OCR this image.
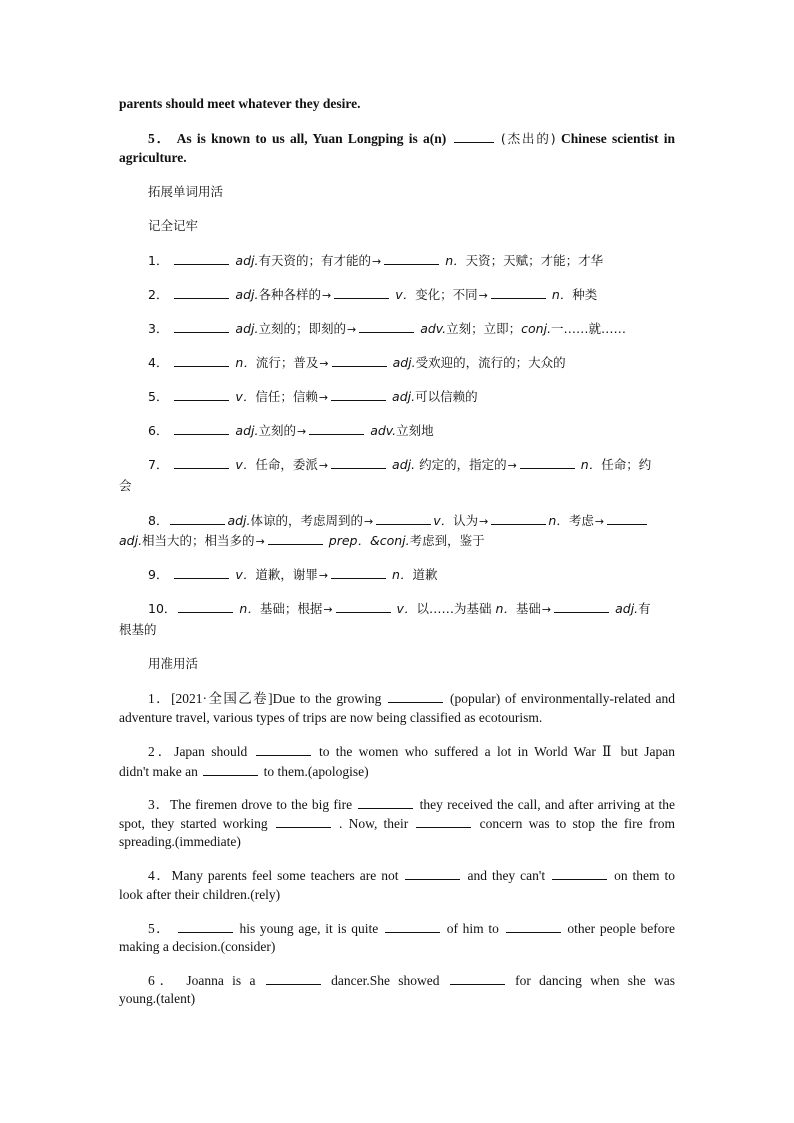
parents should meet whatever they desire.
5． As is known to us all, Yuan Longping is a(n)	(杰出的) Chinese scientist in
agriculture.
拓展单词用活
记全记牢
1．	adj.有天资的；有才能的→	n．天资；天赋；才能；才华
2．	adj.各种各样的→	v．变化；不同→	n．种类
3．	adj.立刻的；即刻的→	adv.立刻；立即；conj.一……就……
4．	n．流行；普及→	adj.受欢迎的，流行的；大众的
5．	v．信任；信赖→	adj.可以信赖的
6．	adj.立刻的→	adv.立刻地
7．	v．任命，委派→	adj. 约定的，指定的→	n．任命；约
会
8．	adj.体谅的，考虑周到的→	v．认为→	n．考虑→
adj.相当大的；相当多的→	prep．&conj.考虑到，鉴于
9．	v．道歉，谢罪→	n．道歉
10．	n．基础；根据→	v．以……为基础 n．基础→	adj.有
根基的
用准用活
1．[2021·全国乙卷]Due to the growing	(popular) of environmentally-related and
adventure travel, various types of trips are now being classified as ecotourism.
2．Japan should	to the women who suffered a lot in World War Ⅱ but Japan
didn't make an	to them.(apologise)
3．The firemen drove to the big fire	they received the call, and after arriving at the
spot, they started working	. Now, their	concern was to stop the fire from
spreading.(immediate)
4．Many parents feel some teachers are not	and they can't	on them to
look after their children.(rely)
5．	his young age, it is quite	of him to	other people before
making a decision.(consider)
6． Joanna is a	dancer.She showed	for dancing when she was
young.(talent)
